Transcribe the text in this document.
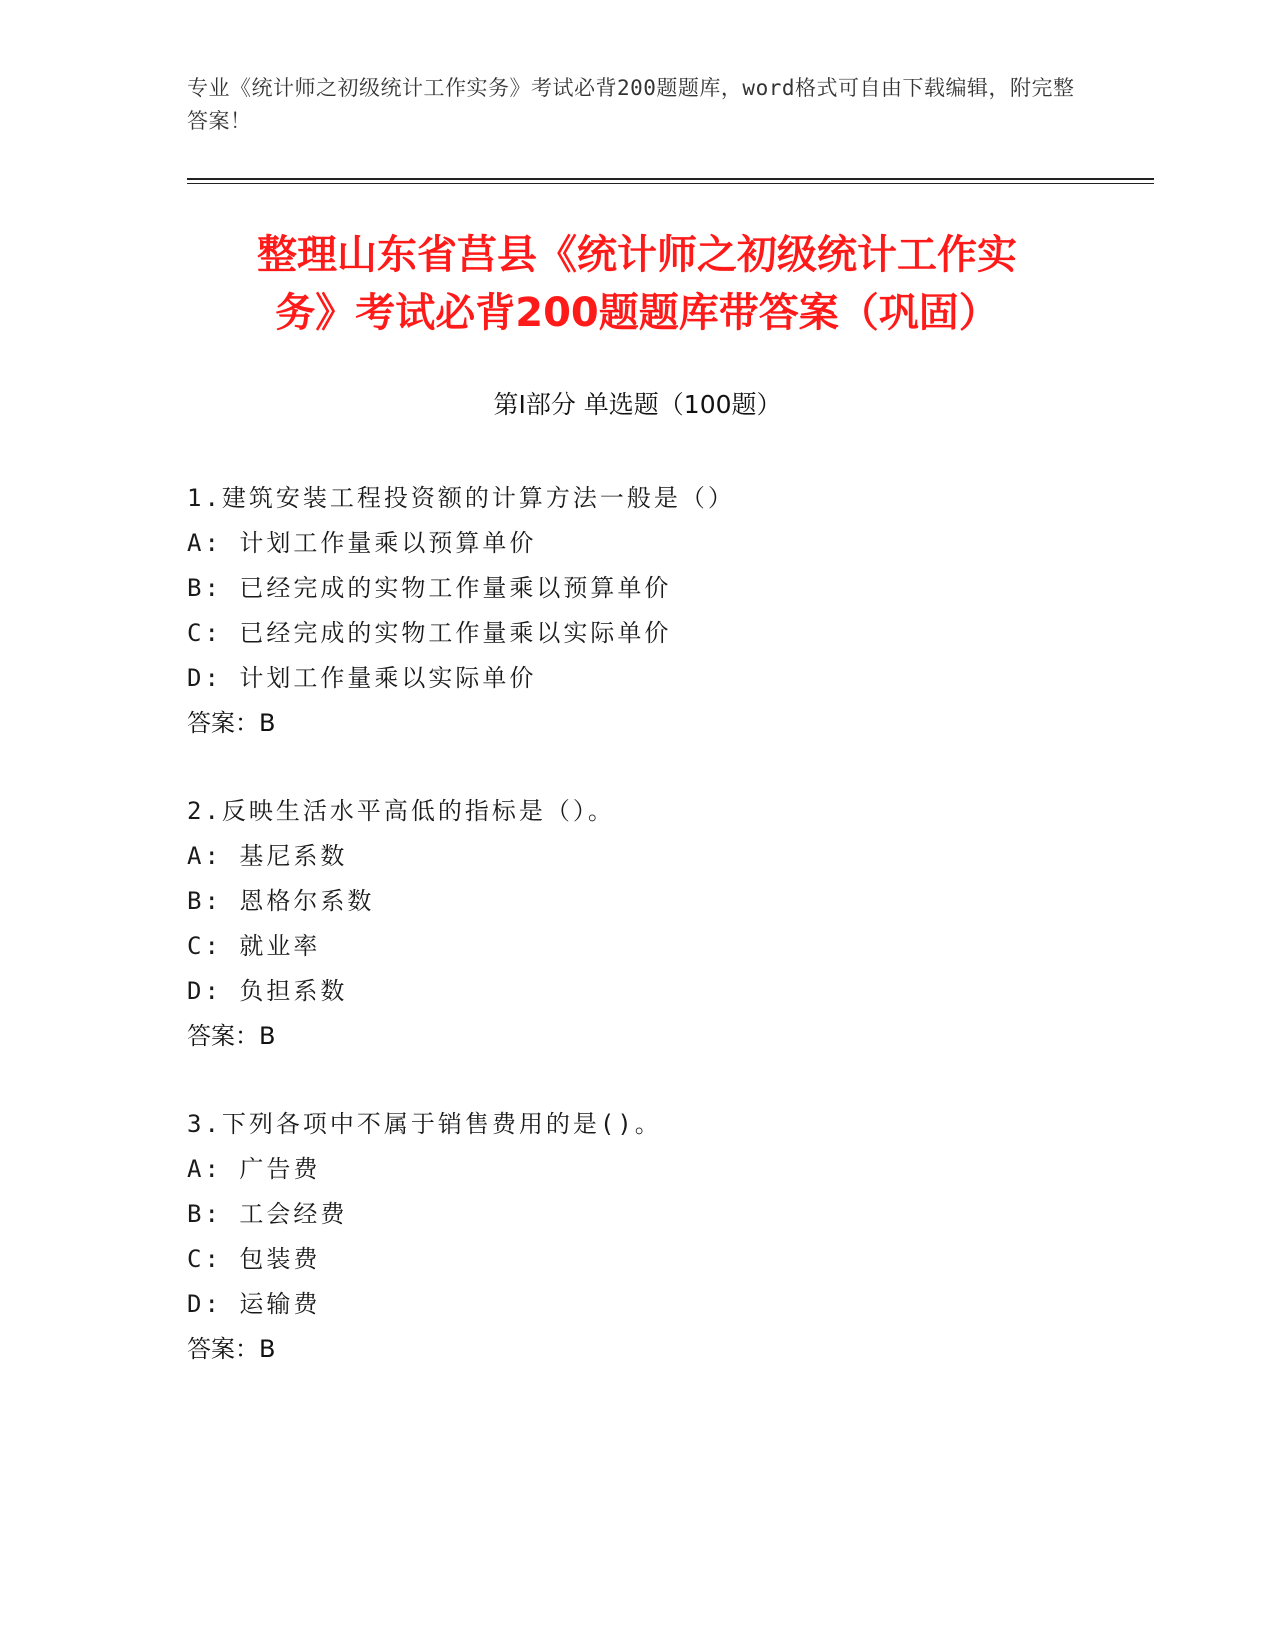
专业《统计师之初级统计工作实务》考试必背200题题库，word格式可自由下载编辑，附完整答案！
整理山东省莒县《统计师之初级统计工作实
务》考试必背200题题库带答案（巩固）
第Ⅰ部分 单选题（100题）
1.建筑安装工程投资额的计算方法一般是（）
A: 计划工作量乘以预算单价
B: 已经完成的实物工作量乘以预算单价
C: 已经完成的实物工作量乘以实际单价
D: 计划工作量乘以实际单价
答案：B
2.反映生活水平高低的指标是（）。
A: 基尼系数
B: 恩格尔系数
C: 就业率
D: 负担系数
答案：B
3.下列各项中不属于销售费用的是()。
A: 广告费
B: 工会经费
C: 包装费
D: 运输费
答案：B
